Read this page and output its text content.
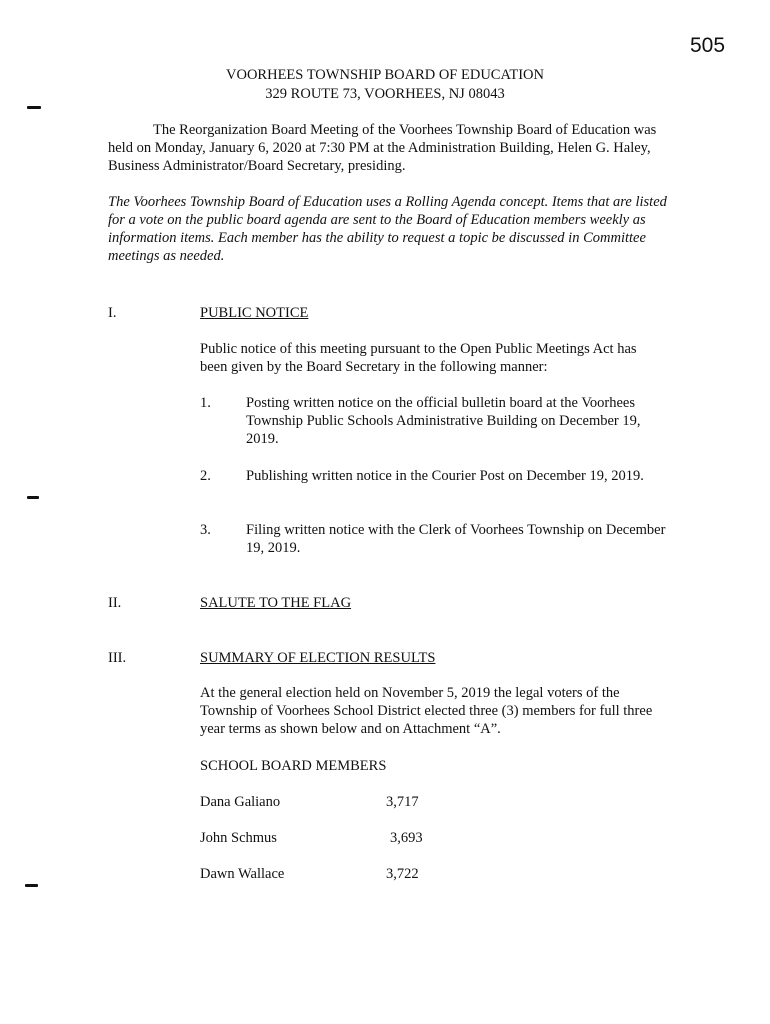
505
VOORHEES TOWNSHIP BOARD OF EDUCATION
329 ROUTE 73, VOORHEES, NJ 08043
The Reorganization Board Meeting of the Voorhees Township Board of Education was held on Monday, January 6, 2020 at 7:30 PM at the Administration Building, Helen G. Haley, Business Administrator/Board Secretary, presiding.
The Voorhees Township Board of Education uses a Rolling Agenda concept. Items that are listed for a vote on the public board agenda are sent to the Board of Education members weekly as information items. Each member has the ability to request a topic be discussed in Committee meetings as needed.
I.	PUBLIC NOTICE
Public notice of this meeting pursuant to the Open Public Meetings Act has been given by the Board Secretary in the following manner:
1. Posting written notice on the official bulletin board at the Voorhees Township Public Schools Administrative Building on December 19, 2019.
2. Publishing written notice in the Courier Post on December 19, 2019.
3. Filing written notice with the Clerk of Voorhees Township on December 19, 2019.
II.	SALUTE TO THE FLAG
III.	SUMMARY OF ELECTION RESULTS
At the general election held on November 5, 2019 the legal voters of the Township of Voorhees School District elected three (3) members for full three year terms as shown below and on Attachment “A”.
SCHOOL BOARD MEMBERS
Dana Galiano	3,717
John Schmus	3,693
Dawn Wallace	3,722
